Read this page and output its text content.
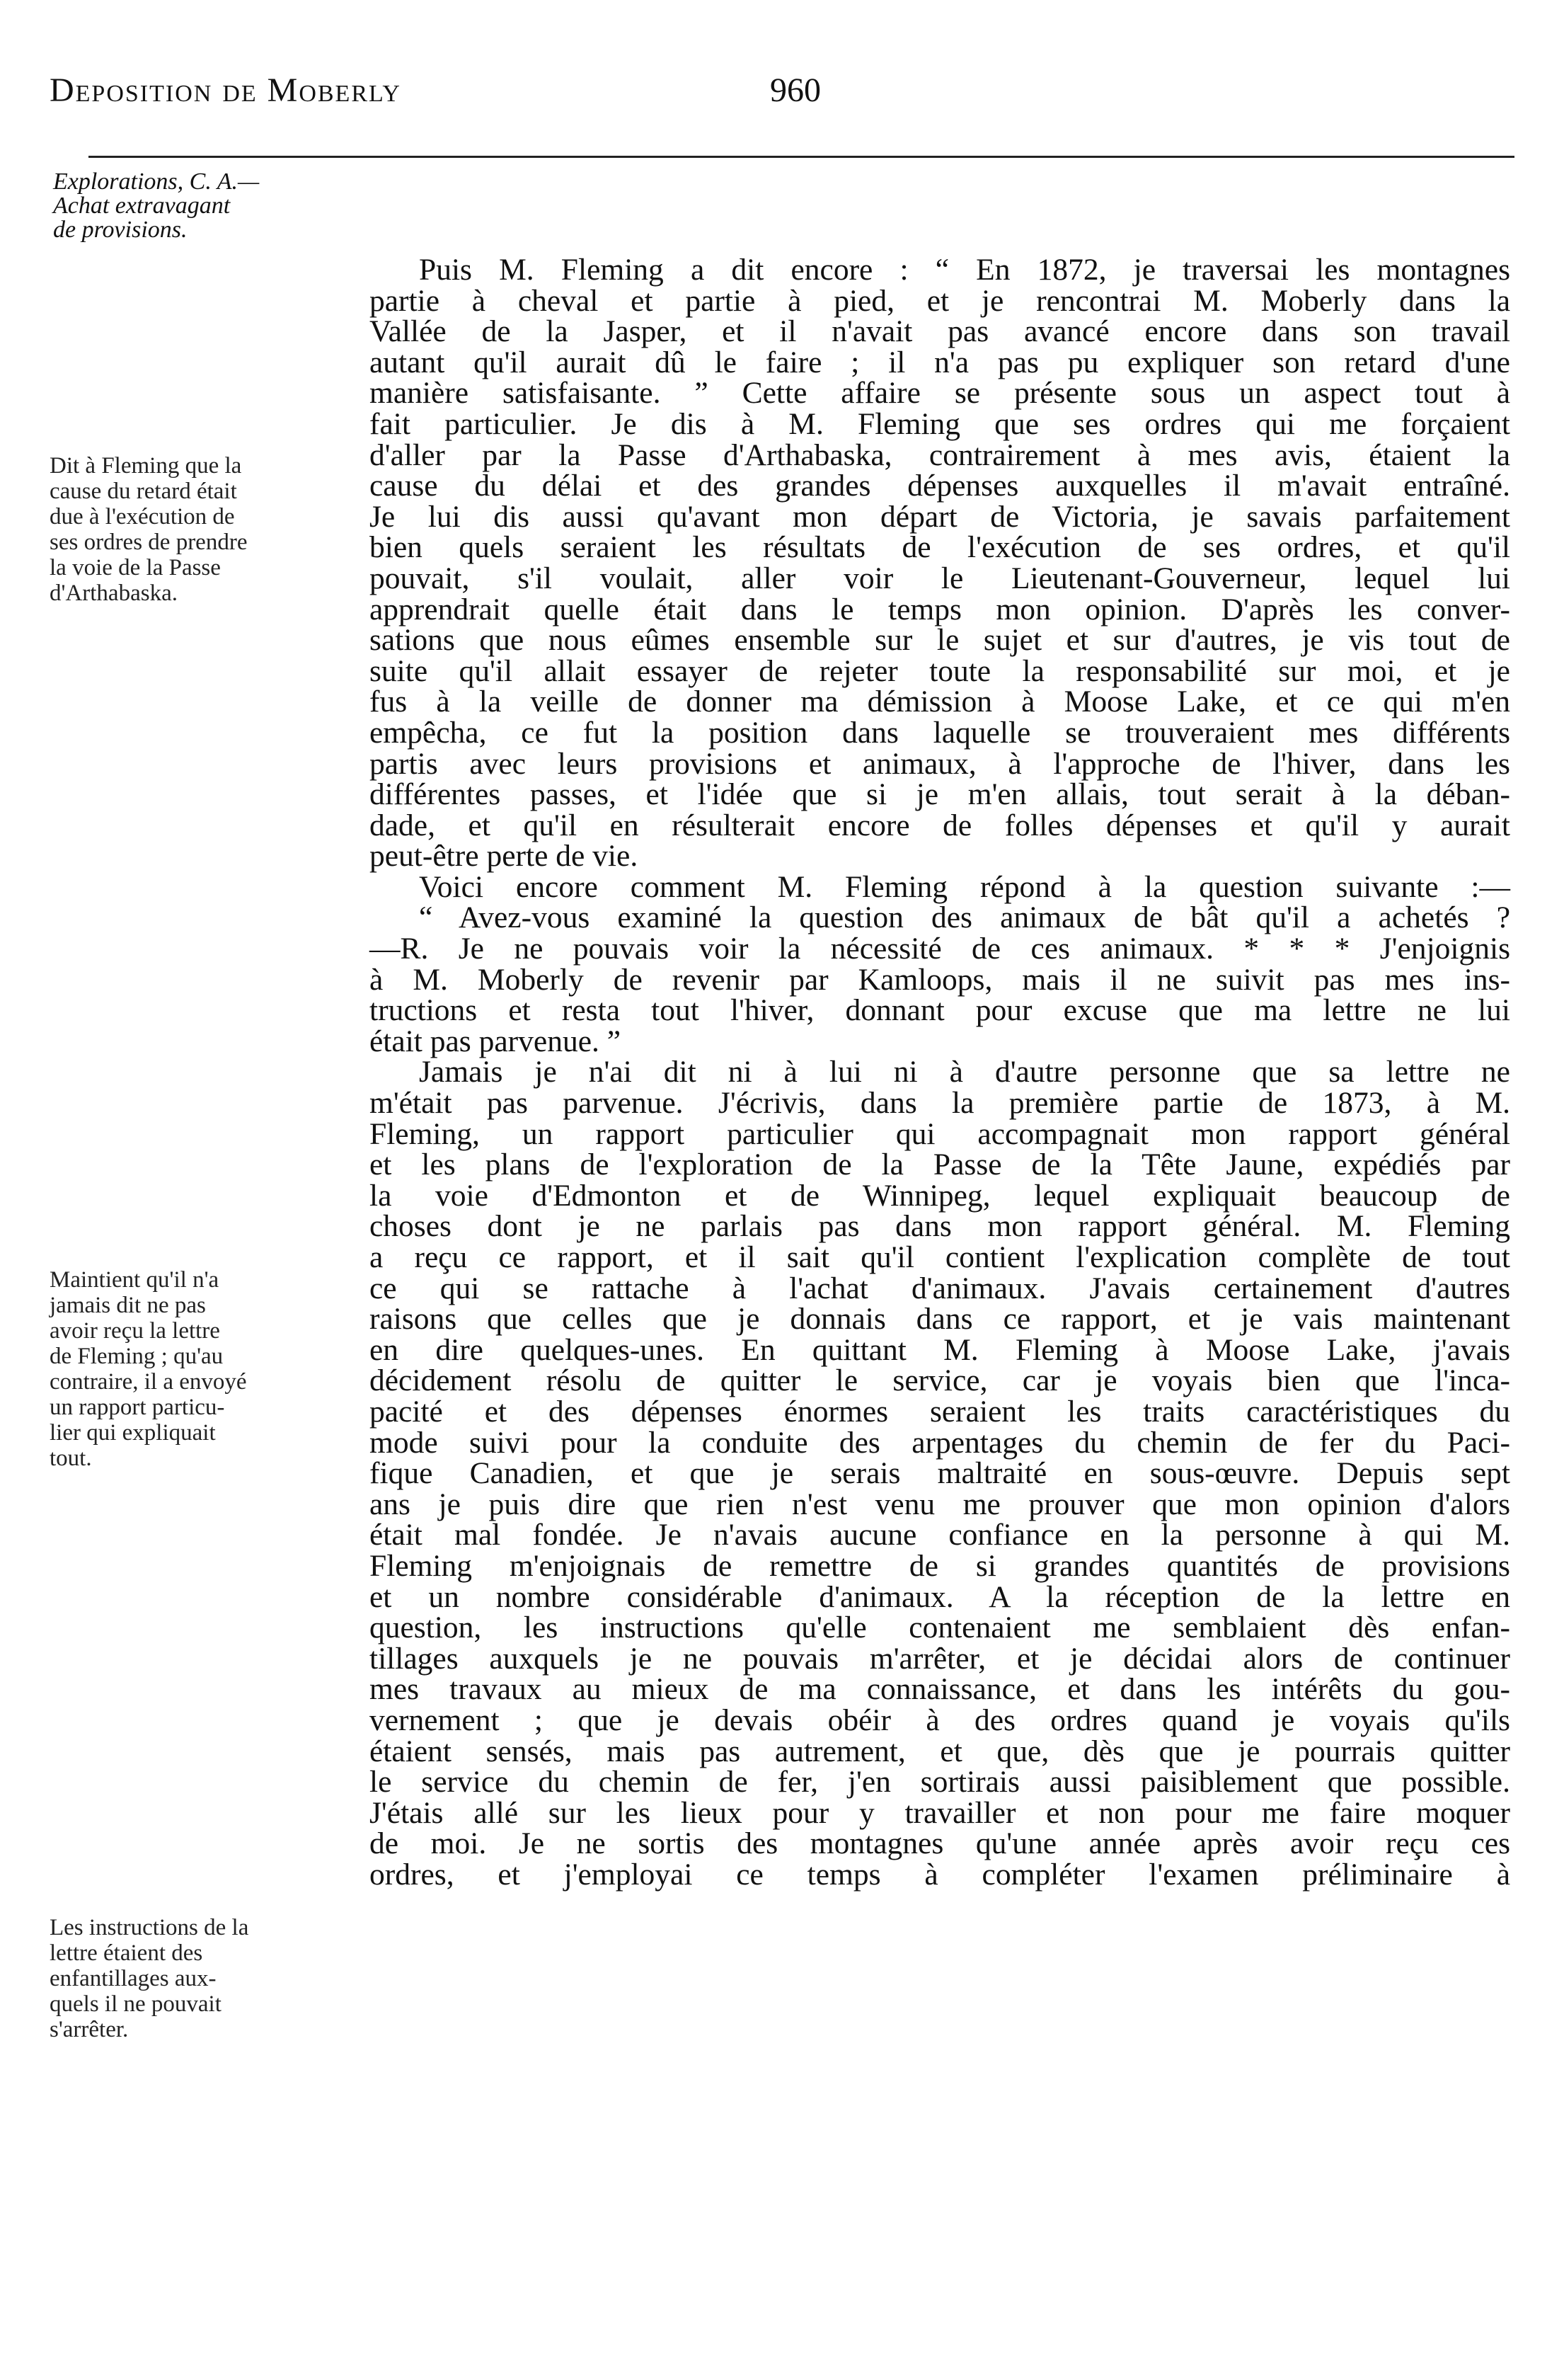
Deposition de Moberly	960
Explorations, C. A.—
Achat extravagant
de provisions.
Dit à Fleming que la
cause du retard était
due à l'exécution de
ses ordres de prendre
la voie de la Passe
d'Arthabaska.
Maintient qu'il n'a
jamais dit ne pas
avoir reçu la lettre
de Fleming ; qu'au
contraire, il a envoyé
un rapport particu-
lier qui expliquait
tout.
Les instructions de la
lettre étaient des
enfantillages aux-
quels il ne pouvait
s'arrêter.
Puis M. Fleming a dit encore : “ En 1872, je traversai les montagnes
partie à cheval et partie à pied, et je rencontrai M. Moberly dans la
Vallée de la Jasper, et il n'avait pas avancé encore dans son travail
autant qu'il aurait dû le faire ; il n'a pas pu expliquer son retard d'une
manière satisfaisante. ” Cette affaire se présente sous un aspect tout à
fait particulier. Je dis à M. Fleming que ses ordres qui me forçaient
d'aller par la Passe d'Arthabaska, contrairement à mes avis, étaient la
cause du délai et des grandes dépenses auxquelles il m'avait entraîné.
Je lui dis aussi qu'avant mon départ de Victoria, je savais parfaitement
bien quels seraient les résultats de l'exécution de ses ordres, et qu'il
pouvait, s'il voulait, aller voir le Lieutenant-Gouverneur, lequel lui
apprendrait quelle était dans le temps mon opinion. D'après les conver-
sations que nous eûmes ensemble sur le sujet et sur d'autres, je vis tout de
suite qu'il allait essayer de rejeter toute la responsabilité sur moi, et je
fus à la veille de donner ma démission à Moose Lake, et ce qui m'en
empêcha, ce fut la position dans laquelle se trouveraient mes différents
partis avec leurs provisions et animaux, à l'approche de l'hiver, dans les
différentes passes, et l'idée que si je m'en allais, tout serait à la déban-
dade, et qu'il en résulterait encore de folles dépenses et qu'il y aurait
peut-être perte de vie.
Voici encore comment M. Fleming répond à la question suivante :—
“ Avez-vous examiné la question des animaux de bât qu'il a achetés ?
—R. Je ne pouvais voir la nécessité de ces animaux. * * * J'enjoignis
à M. Moberly de revenir par Kamloops, mais il ne suivit pas mes ins-
tructions et resta tout l'hiver, donnant pour excuse que ma lettre ne lui
était pas parvenue. ”
Jamais je n'ai dit ni à lui ni à d'autre personne que sa lettre ne
m'était pas parvenue. J'écrivis, dans la première partie de 1873, à M.
Fleming, un rapport particulier qui accompagnait mon rapport général
et les plans de l'exploration de la Passe de la Tête Jaune, expédiés par
la voie d'Edmonton et de Winnipeg, lequel expliquait beaucoup de
choses dont je ne parlais pas dans mon rapport général. M. Fleming
a reçu ce rapport, et il sait qu'il contient l'explication complète de tout
ce qui se rattache à l'achat d'animaux. J'avais certainement d'autres
raisons que celles que je donnais dans ce rapport, et je vais maintenant
en dire quelques-unes. En quittant M. Fleming à Moose Lake, j'avais
décidement résolu de quitter le service, car je voyais bien que l'inca-
pacité et des dépenses énormes seraient les traits caractéristiques du
mode suivi pour la conduite des arpentages du chemin de fer du Paci-
fique Canadien, et que je serais maltraité en sous-œuvre. Depuis sept
ans je puis dire que rien n'est venu me prouver que mon opinion d'alors
était mal fondée. Je n'avais aucune confiance en la personne à qui M.
Fleming m'enjoignais de remettre de si grandes quantités de provisions
et un nombre considérable d'animaux. A la réception de la lettre en
question, les instructions qu'elle contenaient me semblaient dès enfan-
tillages auxquels je ne pouvais m'arrêter, et je décidai alors de continuer
mes travaux au mieux de ma connaissance, et dans les intérêts du gou-
vernement ; que je devais obéir à des ordres quand je voyais qu'ils
étaient sensés, mais pas autrement, et que, dès que je pourrais quitter
le service du chemin de fer, j'en sortirais aussi paisiblement que possible.
J'étais allé sur les lieux pour y travailler et non pour me faire moquer
de moi. Je ne sortis des montagnes qu'une année après avoir reçu ces
ordres, et j'employai ce temps à compléter l'examen préliminaire à
